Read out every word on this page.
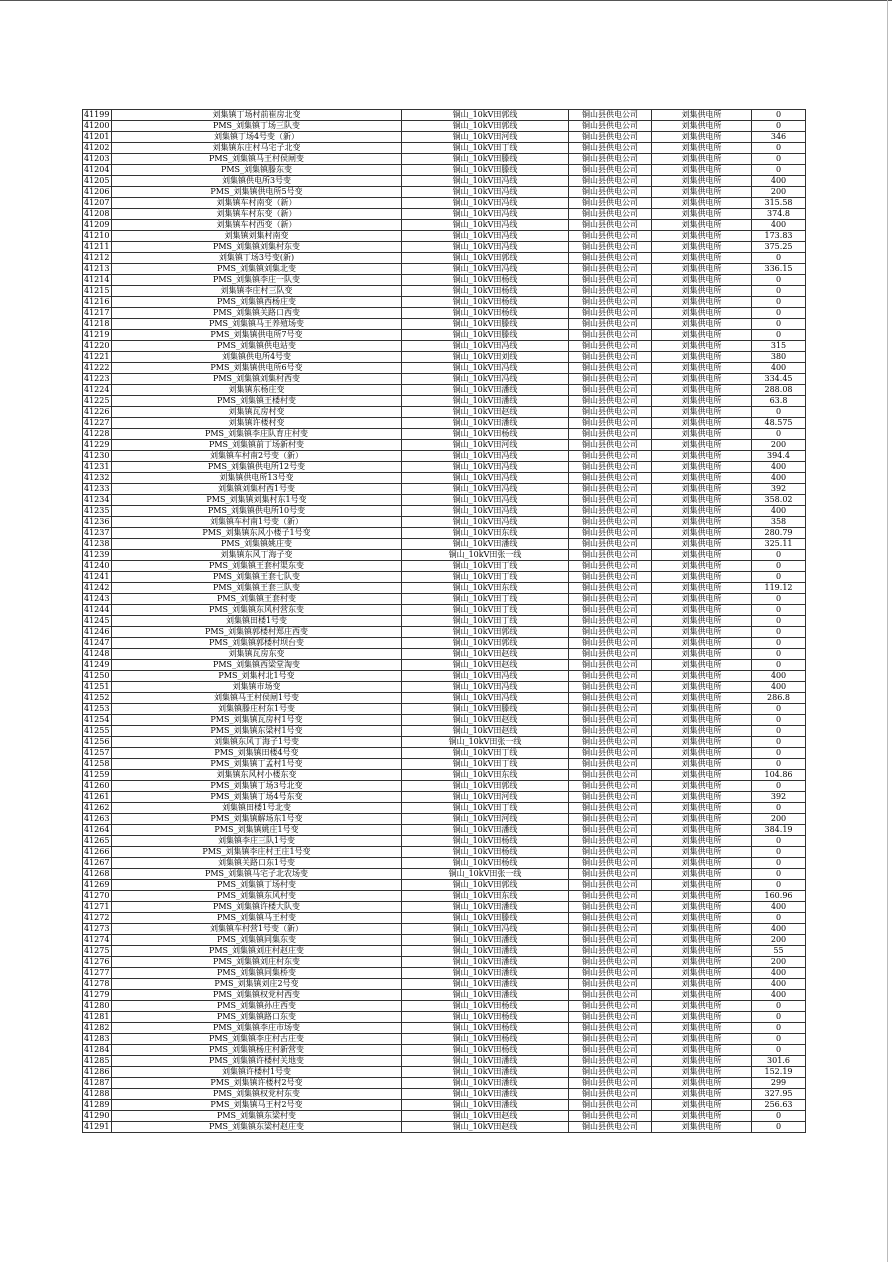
41199	刘集镇丁场村前崔房北变	铜山_10kV田郭线	铜山县供电公司	刘集供电所	0
41200	PMS_刘集镇丁场三队变	铜山_10kV田郭线	铜山县供电公司	刘集供电所	0
41201	刘集镇丁场4号变（新）	铜山_10kV田河线	铜山县供电公司	刘集供电所	346
41202	刘集镇东庄村马宅子北变	铜山_10kV田丁线	铜山县供电公司	刘集供电所	0
41203	PMS_刘集镇马王村侯闸变	铜山_10kV田滕线	铜山县供电公司	刘集供电所	0
41204	PMS_刘集镇滕东变	铜山_10kV田滕线	铜山县供电公司	刘集供电所	0
41205	刘集镇供电所3号变	铜山_10kV田冯线	铜山县供电公司	刘集供电所	400
41206	PMS_刘集镇供电所5号变	铜山_10kV田冯线	铜山县供电公司	刘集供电所	200
41207	刘集镇车村南变（新）	铜山_10kV田冯线	铜山县供电公司	刘集供电所	315.58
41208	刘集镇车村东变（新）	铜山_10kV田冯线	铜山县供电公司	刘集供电所	374.8
41209	刘集镇车村西变（新）	铜山_10kV田冯线	铜山县供电公司	刘集供电所	400
41210	刘集镇刘集村南变	铜山_10kV田冯线	铜山县供电公司	刘集供电所	173.83
41211	PMS_刘集镇刘集村东变	铜山_10kV田冯线	铜山县供电公司	刘集供电所	375.25
41212	刘集镇丁场3号变(新)	铜山_10kV田郭线	铜山县供电公司	刘集供电所	0
41213	PMS_刘集镇刘集北变	铜山_10kV田冯线	铜山县供电公司	刘集供电所	336.15
41214	PMS_刘集镇李庄一队变	铜山_10kV田杨线	铜山县供电公司	刘集供电所	0
41215	刘集镇李庄村三队变	铜山_10kV田杨线	铜山县供电公司	刘集供电所	0
41216	PMS_刘集镇西杨庄变	铜山_10kV田杨线	铜山县供电公司	刘集供电所	0
41217	PMS_刘集镇关路口西变	铜山_10kV田杨线	铜山县供电公司	刘集供电所	0
41218	PMS_刘集镇马王养殖场变	铜山_10kV田滕线	铜山县供电公司	刘集供电所	0
41219	PMS_刘集镇供电所7号变	铜山_10kV田滕线	铜山县供电公司	刘集供电所	0
41220	PMS_刘集镇供电站变	铜山_10kV田冯线	铜山县供电公司	刘集供电所	315
41221	刘集镇供电所4号变	铜山_10kV田刘线	铜山县供电公司	刘集供电所	380
41222	PMS_刘集镇供电所6号变	铜山_10kV田冯线	铜山县供电公司	刘集供电所	400
41223	PMS_刘集镇刘集村西变	铜山_10kV田冯线	铜山县供电公司	刘集供电所	334.45
41224	刘集镇东杨庄变	铜山_10kV田潘线	铜山县供电公司	刘集供电所	288.08
41225	PMS_刘集镇王楼村变	铜山_10kV田潘线	铜山县供电公司	刘集供电所	63.8
41226	刘集镇瓦房村变	铜山_10kV田赵线	铜山县供电公司	刘集供电所	0
41227	刘集镇许楼村变	铜山_10kV田潘线	铜山县供电公司	刘集供电所	48.575
41228	PMS_刘集镇李庄队育庄村变	铜山_10kV田杨线	铜山县供电公司	刘集供电所	0
41229	PMS_刘集镇前丁场新村变	铜山_10kV田河线	铜山县供电公司	刘集供电所	200
41230	刘集镇车村南2号变（新）	铜山_10kV田冯线	铜山县供电公司	刘集供电所	394.4
41231	PMS_刘集镇供电所12号变	铜山_10kV田冯线	铜山县供电公司	刘集供电所	400
41232	刘集镇供电所13号变	铜山_10kV田冯线	铜山县供电公司	刘集供电所	400
41233	刘集镇刘集村西1号变	铜山_10kV田冯线	铜山县供电公司	刘集供电所	392
41234	PMS_刘集镇刘集村东1号变	铜山_10kV田冯线	铜山县供电公司	刘集供电所	358.02
41235	PMS_刘集镇供电所10号变	铜山_10kV田冯线	铜山县供电公司	刘集供电所	400
41236	刘集镇车村南1号变（新）	铜山_10kV田冯线	铜山县供电公司	刘集供电所	358
41237	PMS_刘集镇东风小楼子1号变	铜山_10kV田东线	铜山县供电公司	刘集供电所	280.79
41238	PMS_刘集镇姚庄变	铜山_10kV田潘线	铜山县供电公司	刘集供电所	325.11
41239	刘集镇东风丁海子变	铜山_10kV田张一线	铜山县供电公司	刘集供电所	0
41240	PMS_刘集镇王套村渠东变	铜山_10kV田丁线	铜山县供电公司	刘集供电所	0
41241	PMS_刘集镇王套七队变	铜山_10kV田丁线	铜山县供电公司	刘集供电所	0
41242	PMS_刘集镇王套三队变	铜山_10kV田东线	铜山县供电公司	刘集供电所	119.12
41243	PMS_刘集镇王套村变	铜山_10kV田丁线	铜山县供电公司	刘集供电所	0
41244	PMS_刘集镇东风村营东变	铜山_10kV田丁线	铜山县供电公司	刘集供电所	0
41245	刘集镇田楼1号变	铜山_10kV田丁线	铜山县供电公司	刘集供电所	0
41246	PMS_刘集镇郭楼村郑庄西变	铜山_10kV田郭线	铜山县供电公司	刘集供电所	0
41247	PMS_刘集镇郭楼村坝台变	铜山_10kV田郭线	铜山县供电公司	刘集供电所	0
41248	刘集镇瓦房东变	铜山_10kV田赵线	铜山县供电公司	刘集供电所	0
41249	PMS_刘集镇西梁堂淘变	铜山_10kV田赵线	铜山县供电公司	刘集供电所	0
41250	PMS_刘集村北1号变	铜山_10kV田冯线	铜山县供电公司	刘集供电所	400
41251	刘集镇市场变	铜山_10kV田冯线	铜山县供电公司	刘集供电所	400
41252	刘集镇马王村侯闸1号变	铜山_10kV田冯线	铜山县供电公司	刘集供电所	286.8
41253	刘集镇滕庄村东1号变	铜山_10kV田滕线	铜山县供电公司	刘集供电所	0
41254	PMS_刘集镇瓦房村1号变	铜山_10kV田赵线	铜山县供电公司	刘集供电所	0
41255	PMS_刘集镇东梁村1号变	铜山_10kV田赵线	铜山县供电公司	刘集供电所	0
41256	刘集镇东风丁海子1号变	铜山_10kV田张一线	铜山县供电公司	刘集供电所	0
41257	PMS_刘集镇田楼4号变	铜山_10kV田丁线	铜山县供电公司	刘集供电所	0
41258	PMS_刘集镇丁孟村1号变	铜山_10kV田丁线	铜山县供电公司	刘集供电所	0
41259	刘集镇东风村小楼东变	铜山_10kV田东线	铜山县供电公司	刘集供电所	104.86
41260	PMS_刘集镇丁场3号北变	铜山_10kV田郭线	铜山县供电公司	刘集供电所	0
41261	PMS_刘集镇丁场4号东变	铜山_10kV田河线	铜山县供电公司	刘集供电所	392
41262	刘集镇田楼1号北变	铜山_10kV田丁线	铜山县供电公司	刘集供电所	0
41263	PMS_刘集镇解场东1号变	铜山_10kV田河线	铜山县供电公司	刘集供电所	200
41264	PMS_刘集镇姚庄1号变	铜山_10kV田潘线	铜山县供电公司	刘集供电所	384.19
41265	刘集镇李庄三队1号变	铜山_10kV田杨线	铜山县供电公司	刘集供电所	0
41266	PMS_刘集镇李庄村王庄1号变	铜山_10kV田杨线	铜山县供电公司	刘集供电所	0
41267	刘集镇关路口东1号变	铜山_10kV田杨线	铜山县供电公司	刘集供电所	0
41268	PMS_刘集镇马宅子北农场变	铜山_10kV田张一线	铜山县供电公司	刘集供电所	0
41269	PMS_刘集镇丁场村变	铜山_10kV田郭线	铜山县供电公司	刘集供电所	0
41270	PMS_刘集镇东风村变	铜山_10kV田东线	铜山县供电公司	刘集供电所	160.96
41271	PMS_刘集镇许楼大队变	铜山_10kV田潘线	铜山县供电公司	刘集供电所	400
41272	PMS_刘集镇马王村变	铜山_10kV田滕线	铜山县供电公司	刘集供电所	0
41273	刘集镇车村营1号变（新）	铜山_10kV田冯线	铜山县供电公司	刘集供电所	400
41274	PMS_刘集镇同集东变	铜山_10kV田潘线	铜山县供电公司	刘集供电所	200
41275	PMS_刘集镇刘庄村赵庄变	铜山_10kV田潘线	铜山县供电公司	刘集供电所	55
41276	PMS_刘集镇刘庄村东变	铜山_10kV田潘线	铜山县供电公司	刘集供电所	200
41277	PMS_刘集镇同集桥变	铜山_10kV田潘线	铜山县供电公司	刘集供电所	400
41278	PMS_刘集镇刘庄2号变	铜山_10kV田潘线	铜山县供电公司	刘集供电所	400
41279	PMS_刘集镇权党村西变	铜山_10kV田潘线	铜山县供电公司	刘集供电所	400
41280	PMS_刘集镇孙庄西变	铜山_10kV田杨线	铜山县供电公司	刘集供电所	0
41281	PMS_刘集镇路口东变	铜山_10kV田杨线	铜山县供电公司	刘集供电所	0
41282	PMS_刘集镇李庄市场变	铜山_10kV田杨线	铜山县供电公司	刘集供电所	0
41283	PMS_刘集镇李庄村古庄变	铜山_10kV田杨线	铜山县供电公司	刘集供电所	0
41284	PMS_刘集镇杨庄村新营变	铜山_10kV田杨线	铜山县供电公司	刘集供电所	0
41285	PMS_刘集镇许楼村关地变	铜山_10kV田潘线	铜山县供电公司	刘集供电所	301.6
41286	刘集镇许楼村1号变	铜山_10kV田潘线	铜山县供电公司	刘集供电所	152.19
41287	PMS_刘集镇许楼村2号变	铜山_10kV田潘线	铜山县供电公司	刘集供电所	299
41288	PMS_刘集镇权党村东变	铜山_10kV田潘线	铜山县供电公司	刘集供电所	327.95
41289	PMS_刘集镇马王村2号变	铜山_10kV田潘线	铜山县供电公司	刘集供电所	256.63
41290	PMS_刘集镇东梁村变	铜山_10kV田赵线	铜山县供电公司	刘集供电所	0
41291	PMS_刘集镇东梁村赵庄变	铜山_10kV田赵线	铜山县供电公司	刘集供电所	0
